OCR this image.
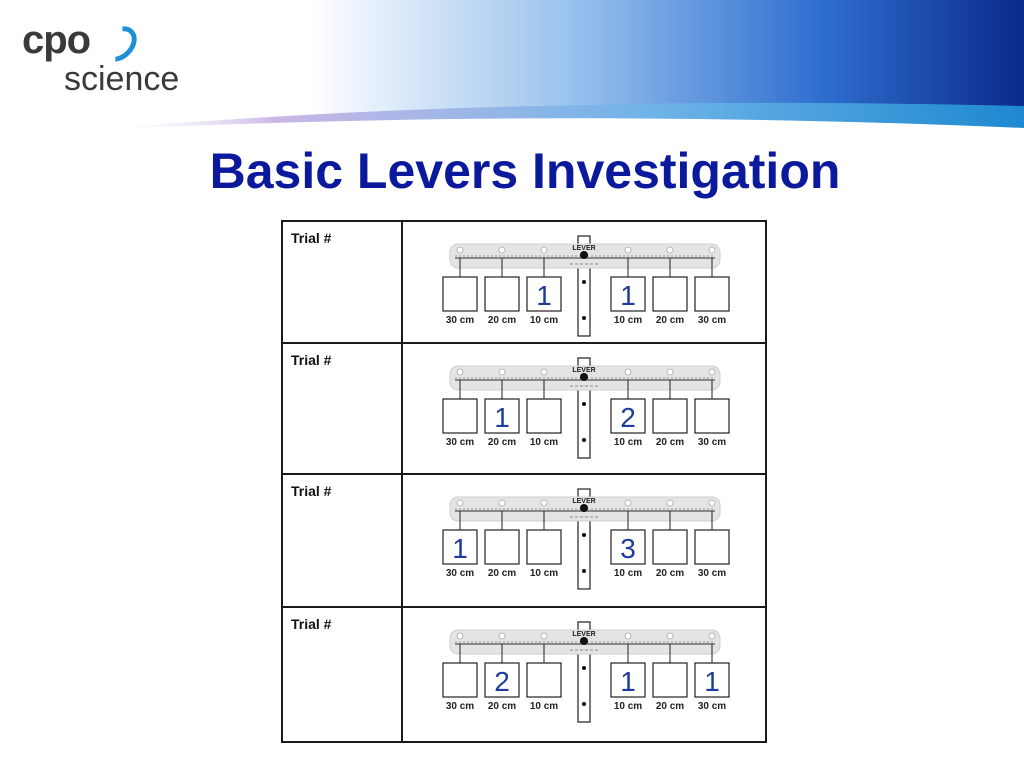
cpo
science
Basic Levers Investigation
Trial #
LEVER
30 cm 20 cm
1
10 cm
1
10 cm 20 cm 30 cm
Trial #
LEVER
30 cm
1
20 cm 10 cm
2
10 cm 20 cm 30 cm
Trial #
LEVER
1
30 cm 20 cm 10 cm
3
10 cm 20 cm 30 cm
Trial #
LEVER
30 cm
2
20 cm 10 cm
1
10 cm 20 cm
1
30 cm
